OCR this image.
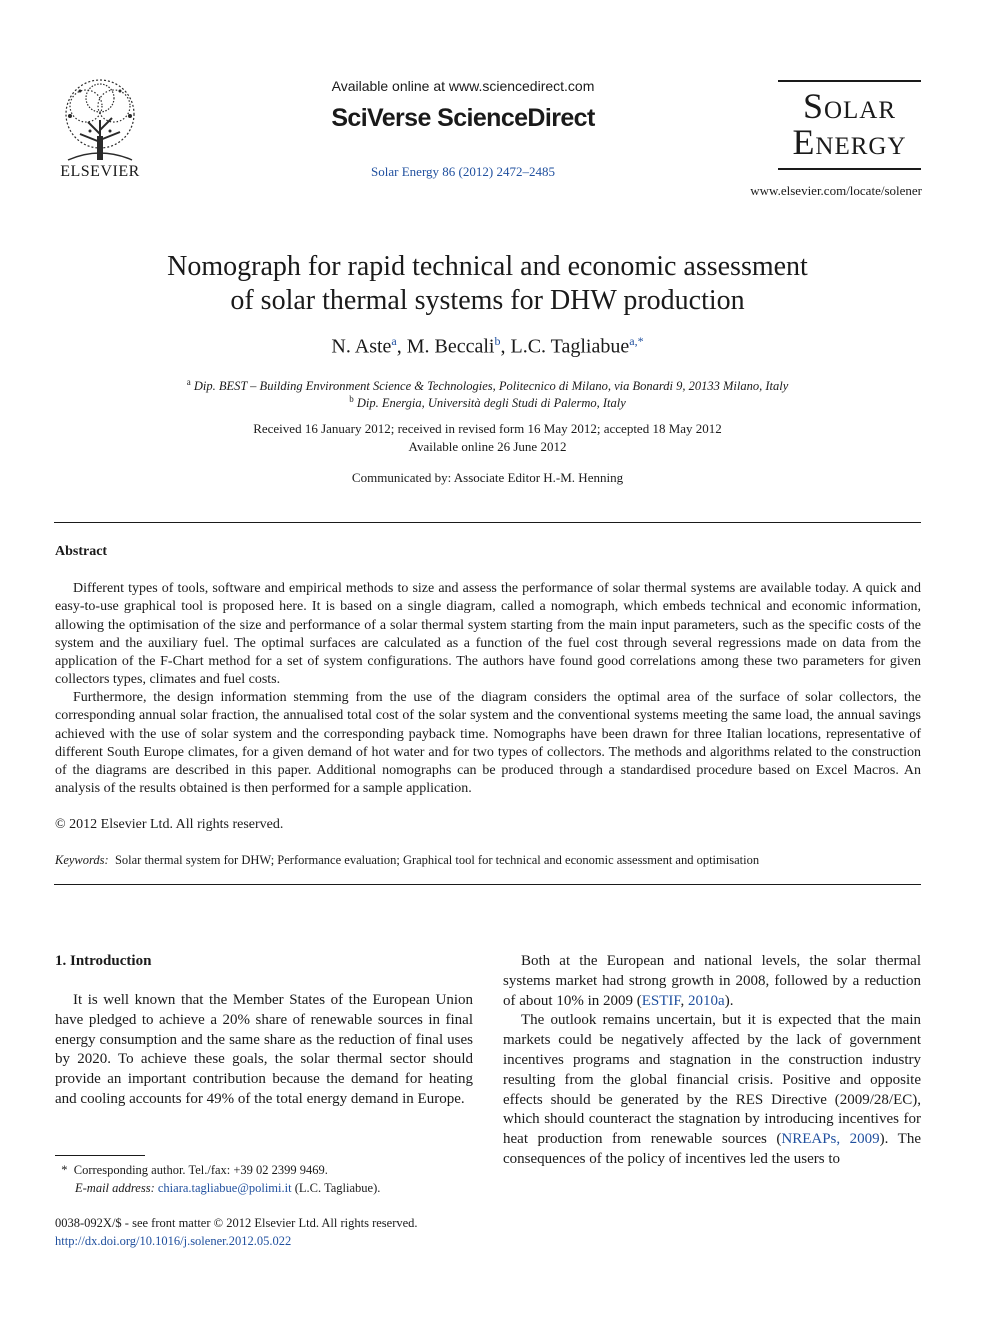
ELSEVIER
Available online at www.sciencedirect.com
SciVerse ScienceDirect
Solar Energy 86 (2012) 2472–2485
Solar
Energy
www.elsevier.com/locate/solener
Nomograph for rapid technical and economic assessment
of solar thermal systems for DHW production
N. Aste$^a$, M. Beccali$^b$, L.C. Tagliabue$^{a,*}$
$^a$ Dip. BEST – Building Environment Science & Technologies, Politecnico di Milano, via Bonardi 9, 20133 Milano, Italy
$^b$ Dip. Energia, Università degli Studi di Palermo, Italy
Received 16 January 2012; received in revised form 16 May 2012; accepted 18 May 2012
Available online 26 June 2012
Communicated by: Associate Editor H.-M. Henning
Abstract
Different types of tools, software and empirical methods to size and assess the performance of solar thermal systems are available today. A quick and easy-to-use graphical tool is proposed here. It is based on a single diagram, called a nomograph, which embeds technical and economic information, allowing the optimisation of the size and performance of a solar thermal system starting from the main input parameters, such as the specific costs of the system and the auxiliary fuel. The optimal surfaces are calculated as a function of the fuel cost through several regressions made on data from the application of the F-Chart method for a set of system configurations. The authors have found good correlations among these two parameters for given collectors types, climates and fuel costs.
Furthermore, the design information stemming from the use of the diagram considers the optimal area of the surface of solar collectors, the corresponding annual solar fraction, the annualised total cost of the solar system and the conventional systems meeting the same load, the annual savings achieved with the use of solar system and the corresponding payback time. Nomographs have been drawn for three Italian locations, representative of different South Europe climates, for a given demand of hot water and for two types of collectors. The methods and algorithms related to the construction of the diagrams are described in this paper. Additional nomographs can be produced through a standardised procedure based on Excel Macros. An analysis of the results obtained is then performed for a sample application.
© 2012 Elsevier Ltd. All rights reserved.
Keywords: Solar thermal system for DHW; Performance evaluation; Graphical tool for technical and economic assessment and optimisation
1. Introduction

It is well known that the Member States of the European Union have pledged to achieve a 20% share of renewable sources in final energy consumption and the same share as the reduction of final uses by 2020. To achieve these goals, the solar thermal sector should provide an important contribution because the demand for heating and cooling accounts for 49% of the total energy demand in Europe.

Both at the European and national levels, the solar thermal systems market had strong growth in 2008, followed by a reduction of about 10% in 2009 (ESTIF, 2010a).

The outlook remains uncertain, but it is expected that the main markets could be negatively affected by the lack of government incentives programs and stagnation in the construction industry resulting from the global financial crisis. Positive and opposite effects should be generated by the RES Directive (2009/28/EC), which should counteract the stagnation by introducing incentives for heat production from renewable sources (NREAPs, 2009). The consequences of the policy of incentives led the users to

* Corresponding author. Tel./fax: +39 02 2399 9469.
E-mail address: chiara.tagliabue@polimi.it (L.C. Tagliabue).
0038-092X/$ - see front matter © 2012 Elsevier Ltd. All rights reserved.
http://dx.doi.org/10.1016/j.solener.2012.05.022
